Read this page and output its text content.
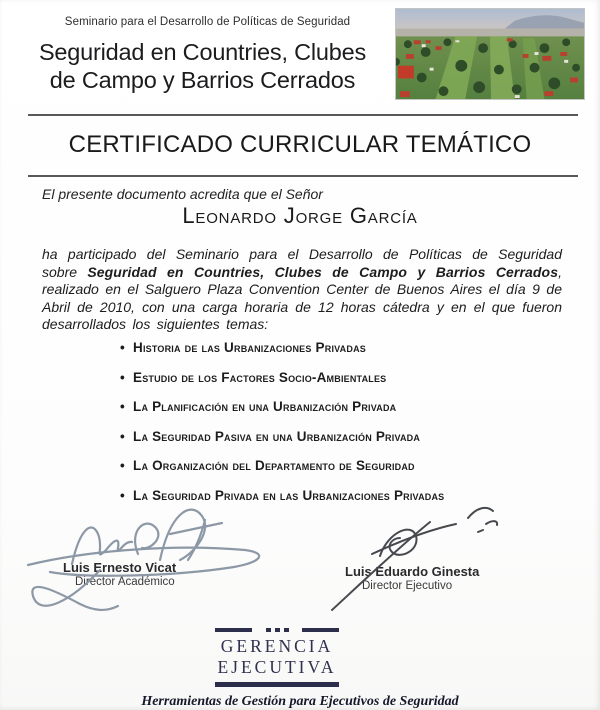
Seminario para el Desarrollo de Políticas de Seguridad
Seguridad en Countries, Clubes
de Campo y Barrios Cerrados
CERTIFICADO CURRICULAR TEMÁTICO
El presente documento acredita que el Señor
Leonardo Jorge García
ha participado del Seminario para el Desarrollo de Políticas de Seguridad sobre Seguridad en Countries, Clubes de Campo y Barrios Cerrados, realizado en el Salguero Plaza Convention Center de Buenos Aires el día 9 de Abril de 2010, con una carga horaria de 12 horas cátedra y en el que fueron desarrollados los siguientes temas:
• Historia de las Urbanizaciones Privadas
• Estudio de los Factores Socio-Ambientales
• La Planificación en una Urbanización Privada
• La Seguridad Pasiva en una Urbanización Privada
• La Organización del Departamento de Seguridad
• La Seguridad Privada en las Urbanizaciones Privadas
Luis Ernesto Vicat
Director Académico
Luis Eduardo Ginesta
Director Ejecutivo
GERENCIA
EJECUTIVA
Herramientas de Gestión para Ejecutivos de Seguridad
